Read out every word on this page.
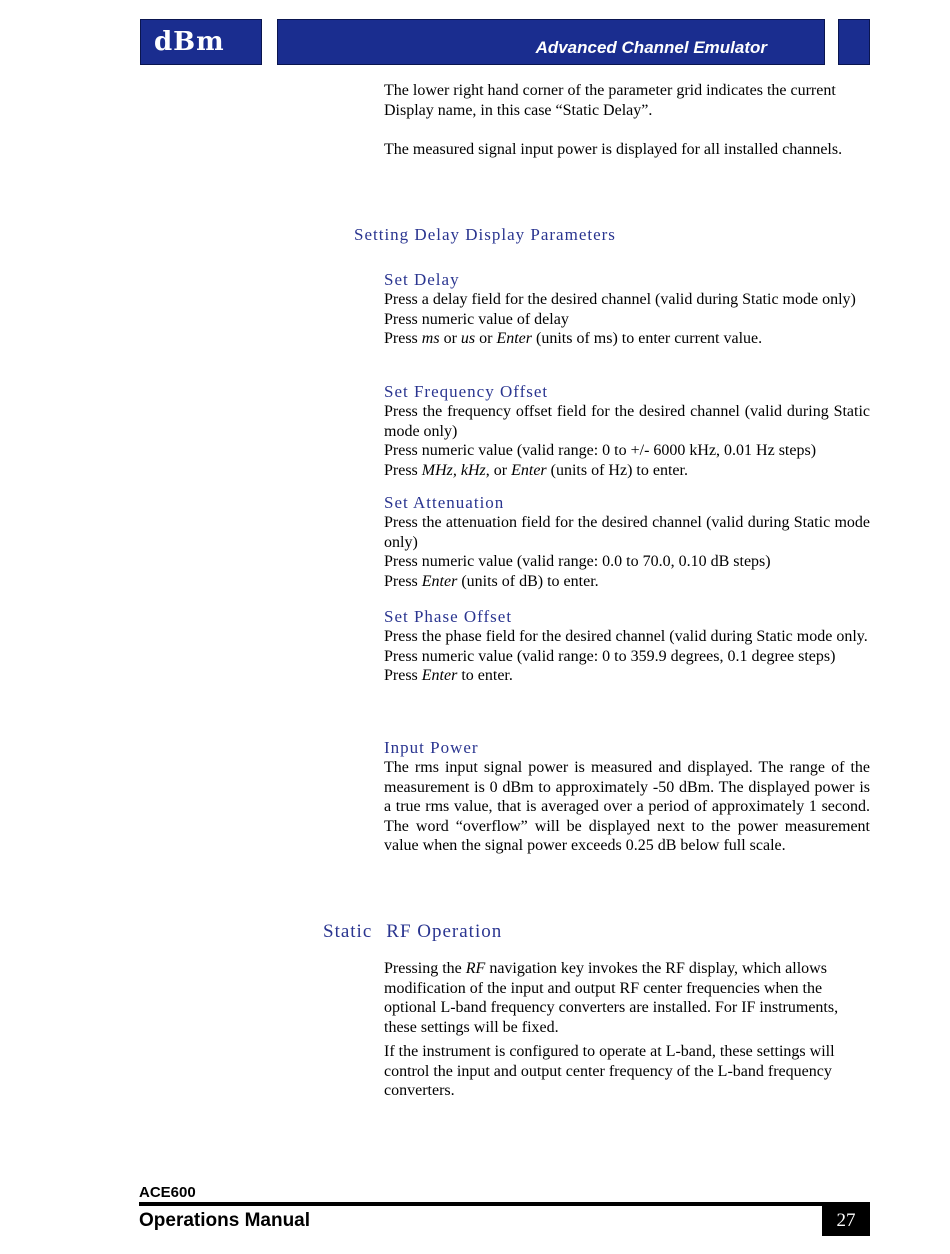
dBm	Advanced Channel Emulator

The lower right hand corner of the parameter grid indicates the current Display name, in this case “Static Delay”.

The measured signal input power is displayed for all installed channels.

Setting Delay Display Parameters
Set Delay
Press a delay field for the desired channel (valid during Static mode only)
Press numeric value of delay
Press ms or us or Enter (units of ms) to enter current value.
Set Frequency Offset
Press the frequency offset field for the desired channel (valid during Static mode only)
Press numeric value (valid range: 0 to +/- 6000 kHz, 0.01 Hz steps)
Press MHz, kHz, or Enter (units of Hz) to enter.
Set Attenuation
Press the attenuation field for the desired channel (valid during Static mode only)
Press numeric value (valid range: 0.0 to 70.0, 0.10 dB steps)
Press Enter (units of dB) to enter.
Set Phase Offset
Press the phase field for the desired channel (valid during Static mode only.
Press numeric value (valid range: 0 to 359.9 degrees, 0.1 degree steps)
Press Enter to enter.
Input Power

The rms input signal power is measured and displayed. The range of the measurement is 0 dBm to approximately -50 dBm. The displayed power is a true rms value, that is averaged over a period of approximately 1 second. The word “overflow” will be displayed next to the power measurement value when the signal power exceeds 0.25 dB below full scale.

Static RF Operation

Pressing the RF navigation key invokes the RF display, which allows modification of the input and output RF center frequencies when the optional L-band frequency converters are installed. For IF instruments, these settings will be fixed.

If the instrument is configured to operate at L-band, these settings will control the input and output center frequency of the L-band frequency converters.

ACE600
Operations Manual	27
